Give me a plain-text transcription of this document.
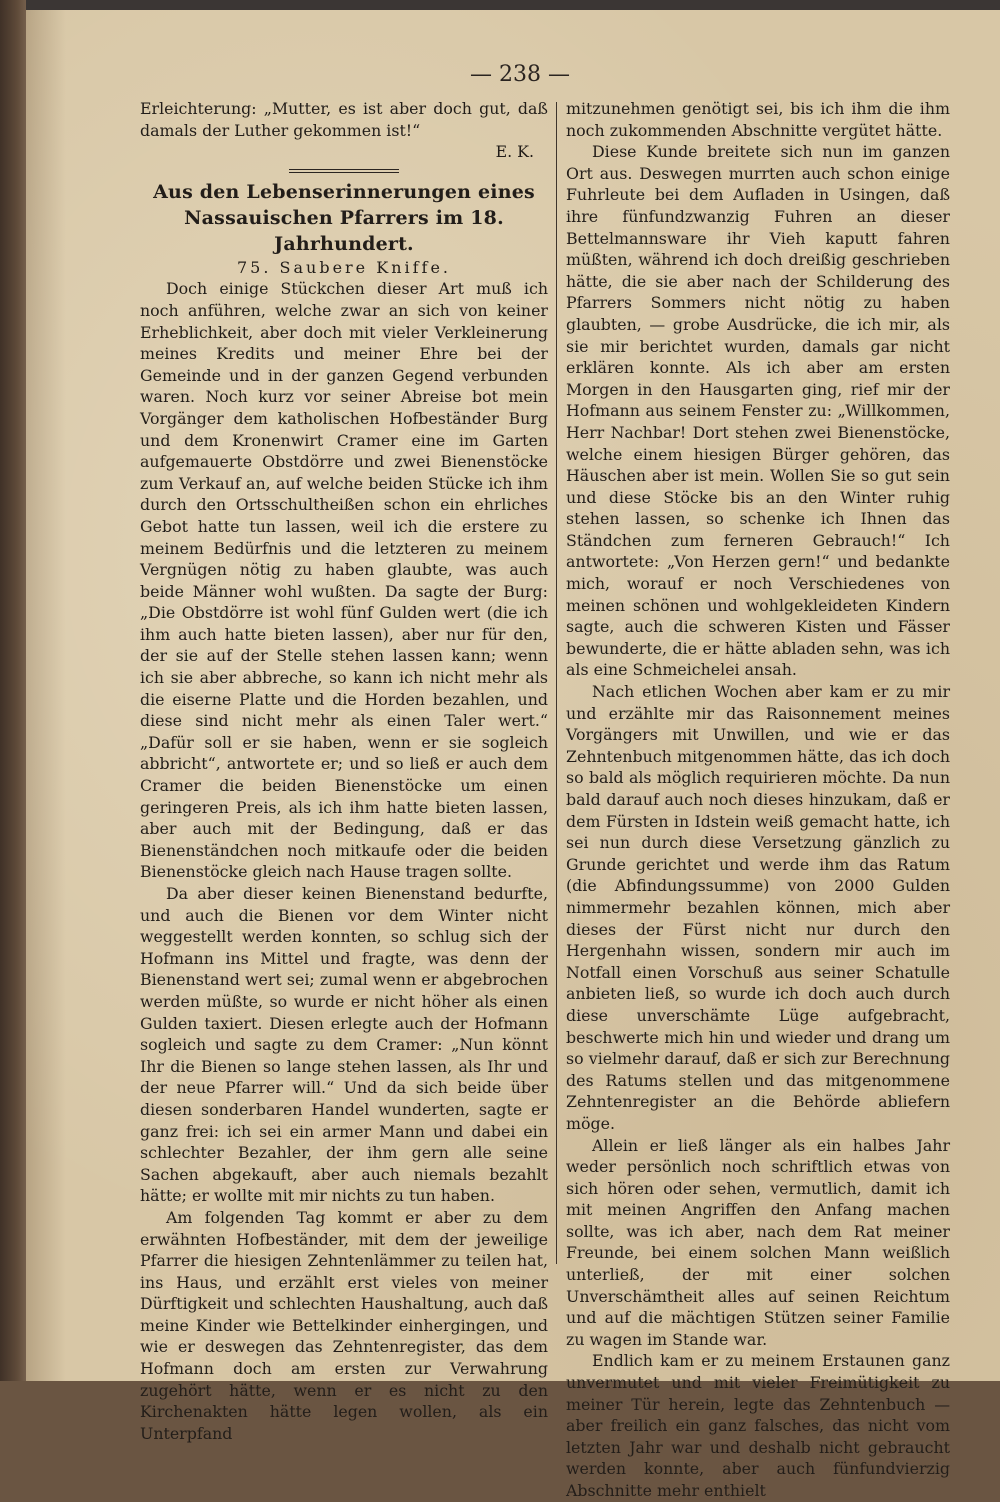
— 238 —

Erleichterung: „Mutter, es ist aber doch gut, daß damals der Luther gekommen ist!“

E. K.

Aus den Lebenserinnerungen eines

Nassauischen Pfarrers im 18. Jahrhundert.

75. Saubere Kniffe.

Doch einige Stückchen dieser Art muß ich noch anführen, welche zwar an sich von keiner Erheblichkeit, aber doch mit vieler Verkleinerung meines Kredits und meiner Ehre bei der Gemeinde und in der ganzen Gegend verbunden waren. Noch kurz vor seiner Abreise bot mein Vorgänger dem katholischen Hofbeständer Burg und dem Kronenwirt Cramer eine im Garten aufgemauerte Obstdörre und zwei Bienenstöcke zum Verkauf an, auf welche beiden Stücke ich ihm durch den Ortsschultheißen schon ein ehrliches Gebot hatte tun lassen, weil ich die erstere zu meinem Bedürfnis und die letzteren zu meinem Vergnügen nötig zu haben glaubte, was auch beide Männer wohl wußten. Da sagte der Burg: „Die Obstdörre ist wohl fünf Gulden wert (die ich ihm auch hatte bieten lassen), aber nur für den, der sie auf der Stelle stehen lassen kann; wenn ich sie aber abbreche, so kann ich nicht mehr als die eiserne Platte und die Horden bezahlen, und diese sind nicht mehr als einen Taler wert.“ „Dafür soll er sie haben, wenn er sie sogleich abbricht“, antwortete er; und so ließ er auch dem Cramer die beiden Bienenstöcke um einen geringeren Preis, als ich ihm hatte bieten lassen, aber auch mit der Bedingung, daß er das Bienenständchen noch mitkaufe oder die beiden Bienenstöcke gleich nach Hause tragen sollte.

Da aber dieser keinen Bienenstand bedurfte, und auch die Bienen vor dem Winter nicht weggestellt werden konnten, so schlug sich der Hofmann ins Mittel und fragte, was denn der Bienenstand wert sei; zumal wenn er abgebrochen werden müßte, so wurde er nicht höher als einen Gulden taxiert. Diesen erlegte auch der Hofmann sogleich und sagte zu dem Cramer: „Nun könnt Ihr die Bienen so lange stehen lassen, als Ihr und der neue Pfarrer will.“ Und da sich beide über diesen sonderbaren Handel wunderten, sagte er ganz frei: ich sei ein armer Mann und dabei ein schlechter Bezahler, der ihm gern alle seine Sachen abgekauft, aber auch niemals bezahlt hätte; er wollte mit mir nichts zu tun haben.

Am folgenden Tag kommt er aber zu dem erwähnten Hofbeständer, mit dem der jeweilige Pfarrer die hiesigen Zehntenlämmer zu teilen hat, ins Haus, und erzählt erst vieles von meiner Dürftigkeit und schlechten Haushaltung, auch daß meine Kinder wie Bettelkinder einhergingen, und wie er deswegen das Zehntenregister, das dem Hofmann doch am ersten zur Verwahrung zugehört hätte, wenn er es nicht zu den Kirchenakten hätte legen wollen, als ein Unterpfand

mitzunehmen genötigt sei, bis ich ihm die ihm noch zukommenden Abschnitte vergütet hätte.

Diese Kunde breitete sich nun im ganzen Ort aus. Deswegen murrten auch schon einige Fuhrleute bei dem Aufladen in Usingen, daß ihre fünfundzwanzig Fuhren an dieser Bettelmannsware ihr Vieh kaputt fahren müßten, während ich doch dreißig geschrieben hätte, die sie aber nach der Schilderung des Pfarrers Sommers nicht nötig zu haben glaubten, — grobe Ausdrücke, die ich mir, als sie mir berichtet wurden, damals gar nicht erklären konnte. Als ich aber am ersten Morgen in den Hausgarten ging, rief mir der Hofmann aus seinem Fenster zu: „Willkommen, Herr Nachbar! Dort stehen zwei Bienenstöcke, welche einem hiesigen Bürger gehören, das Häuschen aber ist mein. Wollen Sie so gut sein und diese Stöcke bis an den Winter ruhig stehen lassen, so schenke ich Ihnen das Ständchen zum ferneren Gebrauch!“ Ich antwortete: „Von Herzen gern!“ und bedankte mich, worauf er noch Verschiedenes von meinen schönen und wohlgekleideten Kindern sagte, auch die schweren Kisten und Fässer bewunderte, die er hätte abladen sehn, was ich als eine Schmeichelei ansah.

Nach etlichen Wochen aber kam er zu mir und erzählte mir das Raisonnement meines Vorgängers mit Unwillen, und wie er das Zehntenbuch mitgenommen hätte, das ich doch so bald als möglich requirieren möchte. Da nun bald darauf auch noch dieses hinzukam, daß er dem Fürsten in Idstein weiß gemacht hatte, ich sei nun durch diese Versetzung gänzlich zu Grunde gerichtet und werde ihm das Ratum (die Abfindungssumme) von 2000 Gulden nimmermehr bezahlen können, mich aber dieses der Fürst nicht nur durch den Hergenhahn wissen, sondern mir auch im Notfall einen Vorschuß aus seiner Schatulle anbieten ließ, so wurde ich doch auch durch diese unverschämte Lüge aufgebracht, beschwerte mich hin und wieder und drang um so vielmehr darauf, daß er sich zur Berechnung des Ratums stellen und das mitgenommene Zehntenregister an die Behörde abliefern möge.

Allein er ließ länger als ein halbes Jahr weder persönlich noch schriftlich etwas von sich hören oder sehen, vermutlich, damit ich mit meinen Angriffen den Anfang machen sollte, was ich aber, nach dem Rat meiner Freunde, bei einem solchen Mann weißlich unterließ, der mit einer solchen Unverschämtheit alles auf seinen Reichtum und auf die mächtigen Stützen seiner Familie zu wagen im Stande war.

Endlich kam er zu meinem Erstaunen ganz unvermutet und mit vieler Freimütigkeit zu meiner Tür herein, legte das Zehntenbuch — aber freilich ein ganz falsches, das nicht vom letzten Jahr war und deshalb nicht gebraucht werden konnte, aber auch fünfundvierzig Abschnitte mehr enthielt
